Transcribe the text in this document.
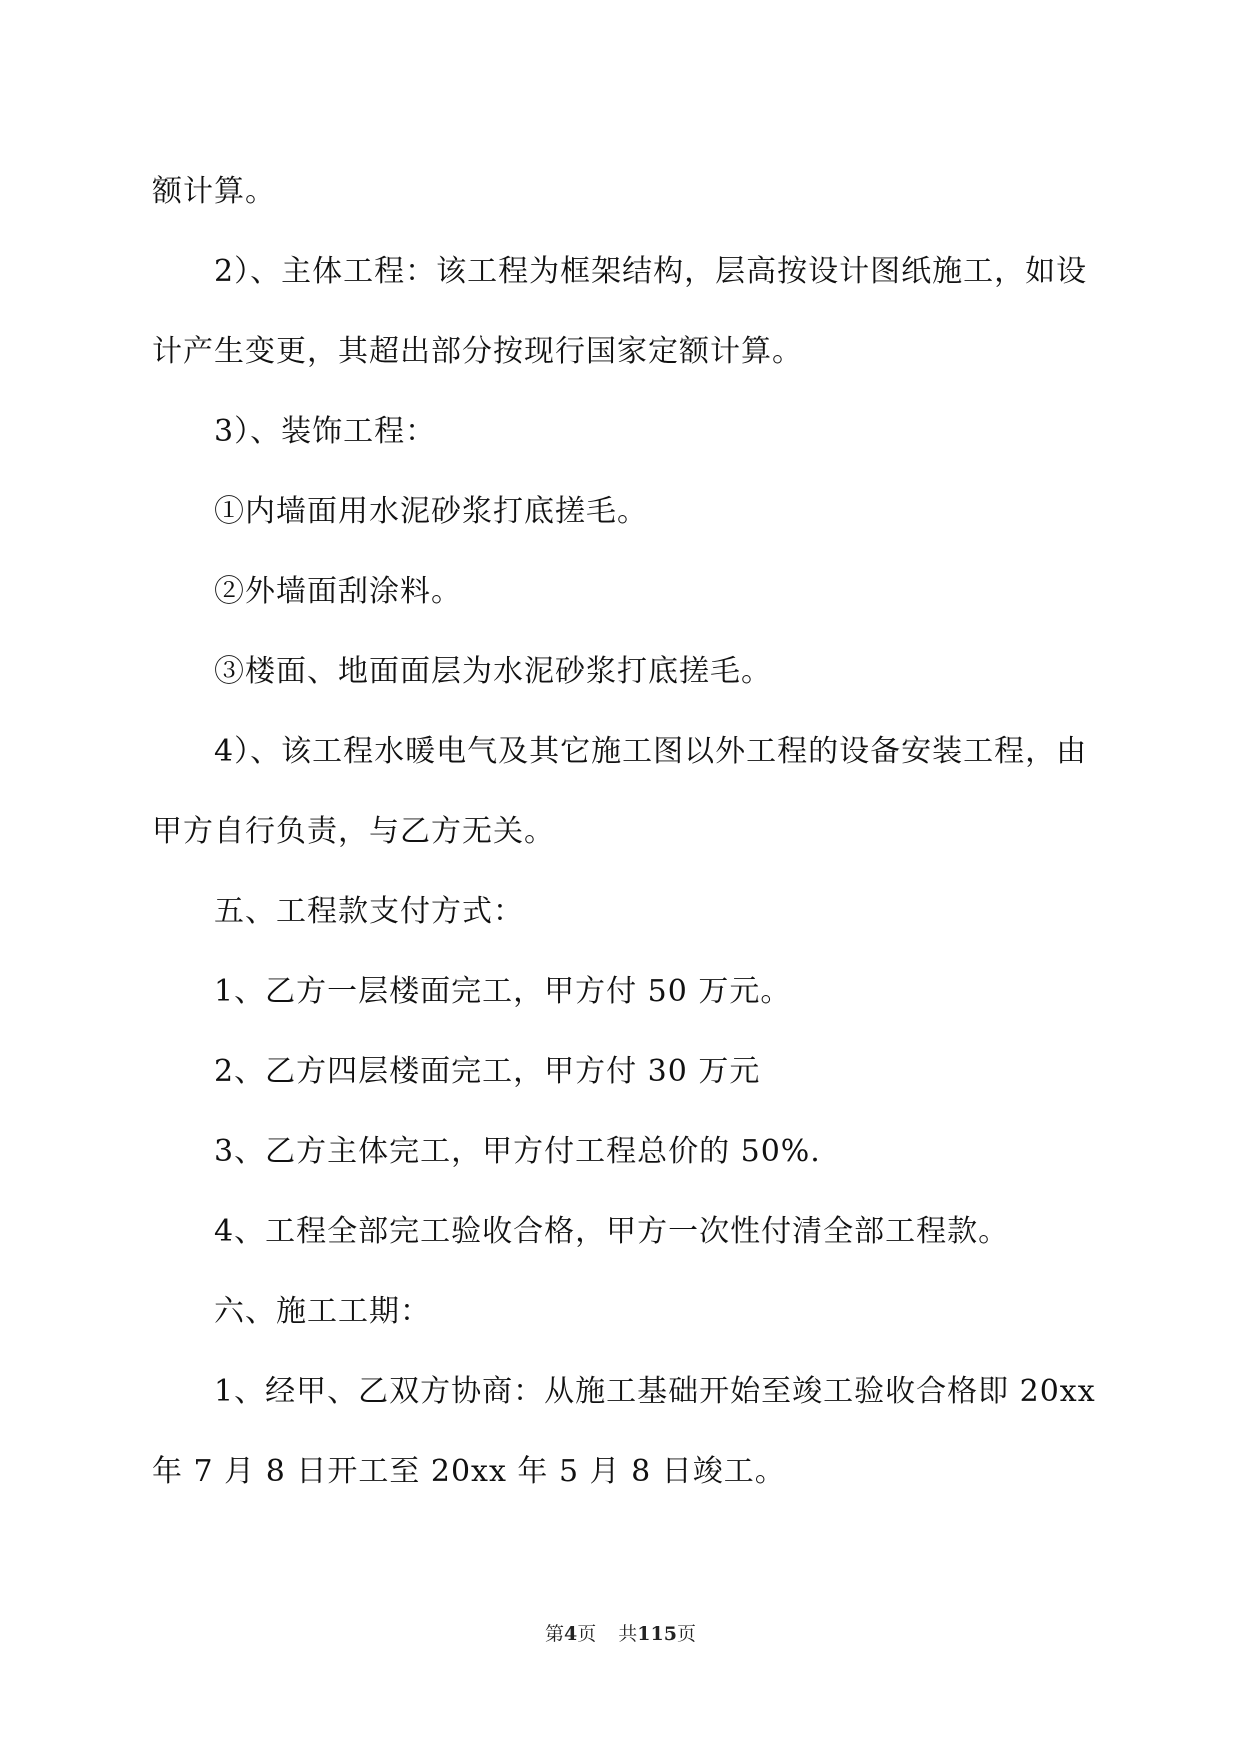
额计算。
2）、主体工程：该工程为框架结构，层高按设计图纸施工，如设
计产生变更，其超出部分按现行国家定额计算。
3）、装饰工程：
①内墙面用水泥砂浆打底搓毛。
②外墙面刮涂料。
③楼面、地面面层为水泥砂浆打底搓毛。
4）、该工程水暖电气及其它施工图以外工程的设备安装工程，由
甲方自行负责，与乙方无关。
五、工程款支付方式：
1、乙方一层楼面完工，甲方付 50 万元。
2、乙方四层楼面完工，甲方付 30 万元
3、乙方主体完工，甲方付工程总价的 50%.
4、工程全部完工验收合格，甲方一次性付清全部工程款。
六、施工工期：
1、经甲、乙双方协商：从施工基础开始至竣工验收合格即 20xx
年 7 月 8 日开工至 20xx 年 5 月 8 日竣工。
第4页 共115页
